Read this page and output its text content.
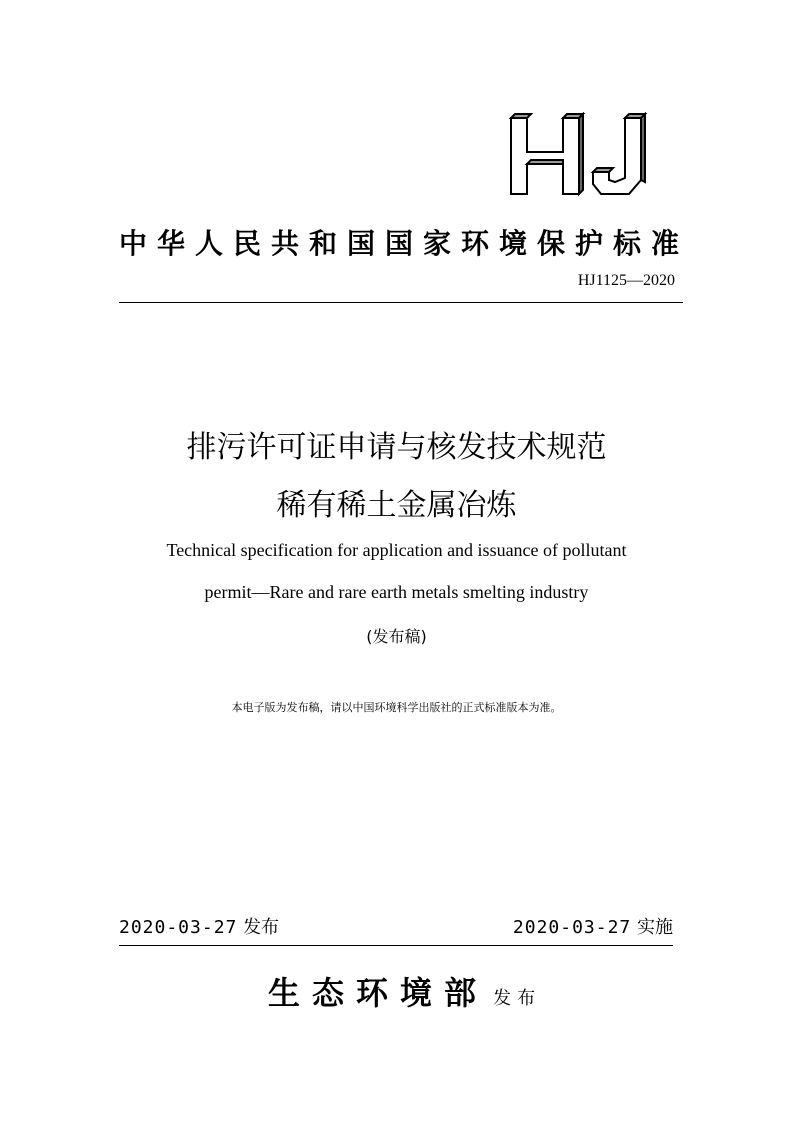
中华人民共和国国家环境保护标准
HJ1125—2020
排污许可证申请与核发技术规范
稀有稀土金属冶炼
Technical specification for application and issuance of pollutant
permit—Rare and rare earth metals smelting industry
(发布稿)
本电子版为发布稿，请以中国环境科学出版社的正式标准版本为准。
2020-03-27 发布	2020-03-27 实施
生态环境部 发布
